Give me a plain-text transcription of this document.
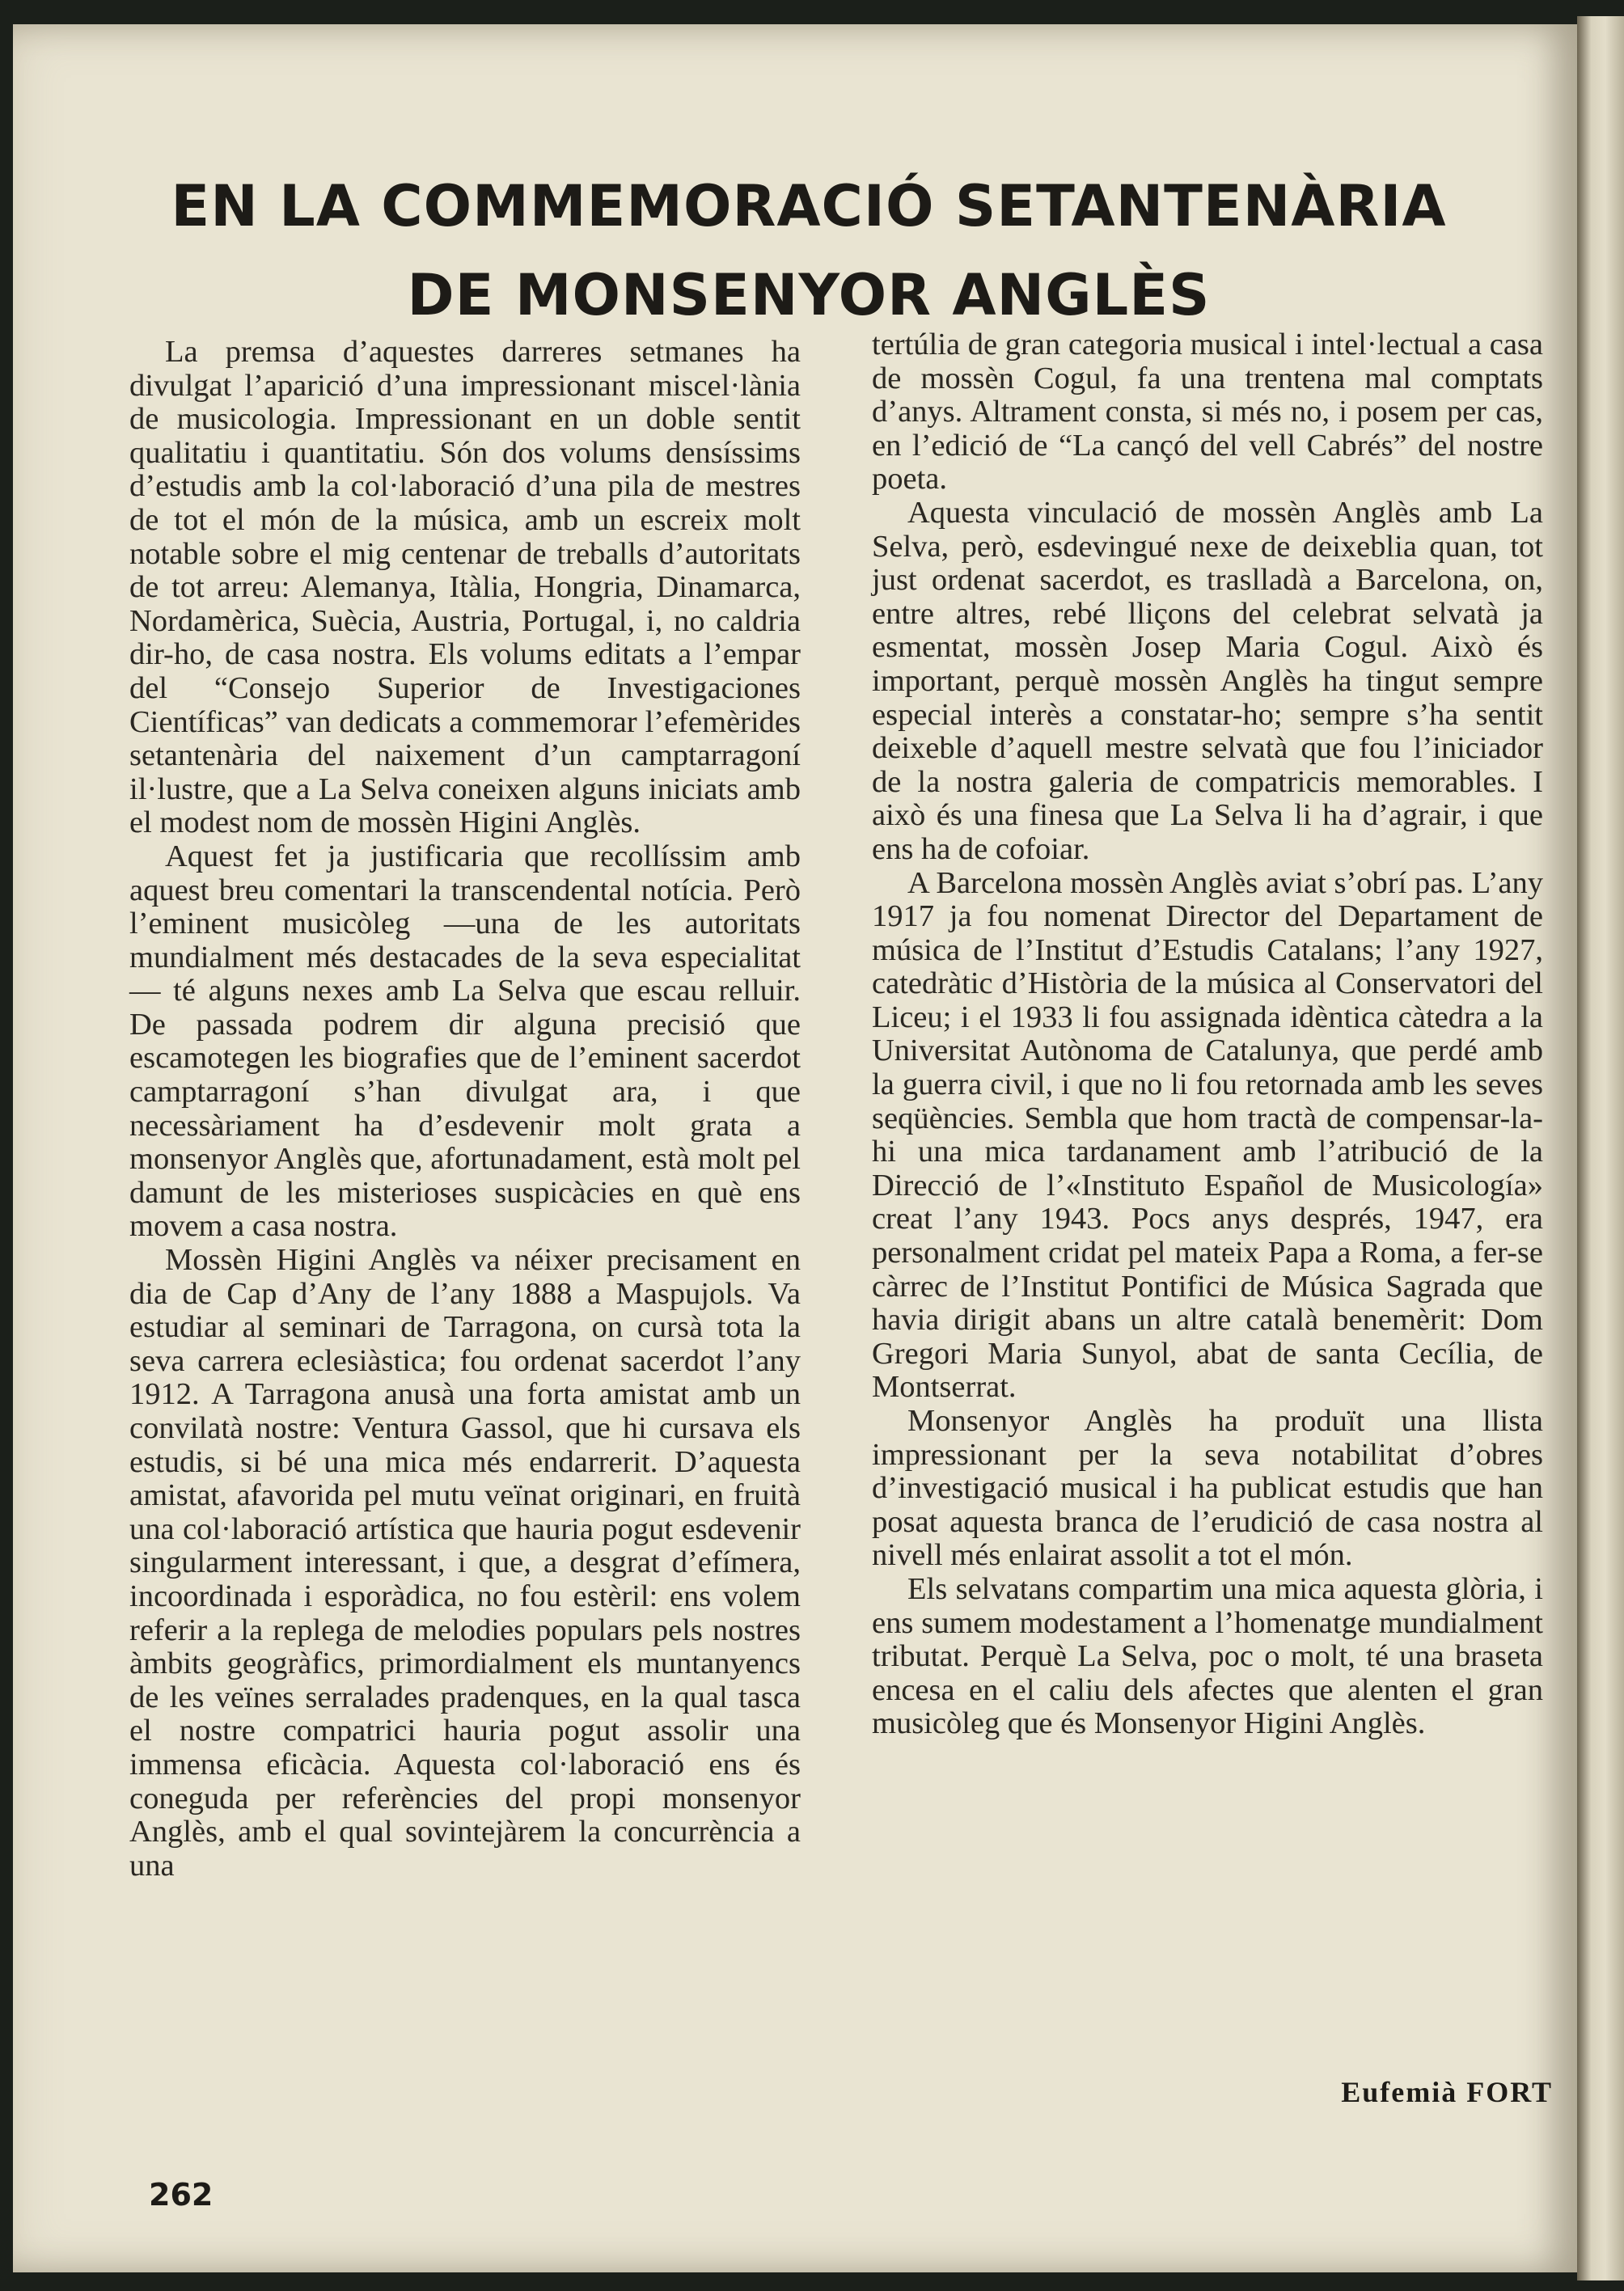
EN LA COMMEMORACIÓ SETANTENÀRIA
DE MONSENYOR ANGLÈS

La premsa d’aquestes darreres setmanes ha divulgat l’aparició d’una impressionant miscel·lània de musicologia. Impressionant en un doble sentit qualitatiu i quantitatiu. Són dos volums densíssims d’estudis amb la col·laboració d’una pila de mestres de tot el món de la música, amb un escreix molt notable sobre el mig centenar de treballs d’autoritats de tot arreu: Alemanya, Itàlia, Hongria, Dinamarca, Nordamèrica, Suècia, Austria, Portugal, i, no caldria dir-ho, de casa nostra. Els volums editats a l’empar del “Consejo Superior de Investigaciones Científicas” van dedicats a commemorar l’efemèrides setantenària del naixement d’un camptarragoní il·lustre, que a La Selva coneixen alguns iniciats amb el modest nom de mossèn Higini Anglès.

Aquest fet ja justificaria que recollíssim amb aquest breu comentari la transcendental notícia. Però l’eminent musicòleg —una de les autoritats mundialment més destacades de la seva especialitat— té alguns nexes amb La Selva que escau relluir. De passada podrem dir alguna precisió que escamotegen les biografies que de l’eminent sacerdot camptarragoní s’han divulgat ara, i que necessàriament ha d’esdevenir molt grata a monsenyor Anglès que, afortunadament, està molt pel damunt de les misterioses suspicàcies en què ens movem a casa nostra.

Mossèn Higini Anglès va néixer precisament en dia de Cap d’Any de l’any 1888 a Maspujols. Va estudiar al seminari de Tarragona, on cursà tota la seva carrera eclesiàstica; fou ordenat sacerdot l’any 1912. A Tarragona anusà una forta amistat amb un convilatà nostre: Ventura Gassol, que hi cursava els estudis, si bé una mica més endarrerit. D’aquesta amistat, afavorida pel mutu veïnat originari, en fruità una col·laboració artística que hauria pogut esdevenir singularment interessant, i que, a desgrat d’efímera, incoordinada i esporàdica, no fou estèril: ens volem referir a la replega de melodies populars pels nostres àmbits geogràfics, primordialment els muntanyencs de les veïnes serralades pradenques, en la qual tasca el nostre compatrici hauria pogut assolir una immensa eficàcia. Aquesta col·laboració ens és coneguda per referències del propi monsenyor Anglès, amb el qual sovintejàrem la concurrència a una

tertúlia de gran categoria musical i intel·lectual a casa de mossèn Cogul, fa una trentena mal comptats d’anys. Altrament consta, si més no, i posem per cas, en l’edició de “La cançó del vell Cabrés” del nostre poeta.

Aquesta vinculació de mossèn Anglès amb La Selva, però, esdevingué nexe de deixeblia quan, tot just ordenat sacerdot, es traslladà a Barcelona, on, entre altres, rebé lliçons del celebrat selvatà ja esmentat, mossèn Josep Maria Cogul. Això és important, perquè mossèn Anglès ha tingut sempre especial interès a constatar-ho; sempre s’ha sentit deixeble d’aquell mestre selvatà que fou l’iniciador de la nostra galeria de compatricis memorables. I això és una finesa que La Selva li ha d’agrair, i que ens ha de cofoiar.

A Barcelona mossèn Anglès aviat s’obrí pas. L’any 1917 ja fou nomenat Director del Departament de música de l’Institut d’Estudis Catalans; l’any 1927, catedràtic d’Història de la música al Conservatori del Liceu; i el 1933 li fou assignada idèntica càtedra a la Universitat Autònoma de Catalunya, que perdé amb la guerra civil, i que no li fou retornada amb les seves seqüències. Sembla que hom tractà de compensar-la-hi una mica tardanament amb l’atribució de la Direcció de l’«Instituto Español de Musicología» creat l’any 1943. Pocs anys després, 1947, era personalment cridat pel mateix Papa a Roma, a fer-se càrrec de l’Institut Pontifici de Música Sagrada que havia dirigit abans un altre català benemèrit: Dom Gregori Maria Sunyol, abat de santa Cecília, de Montserrat.

Monsenyor Anglès ha produït una llista impressionant per la seva notabilitat d’obres d’investigació musical i ha publicat estudis que han posat aquesta branca de l’erudició de casa nostra al nivell més enlairat assolit a tot el món.

Els selvatans compartim una mica aquesta glòria, i ens sumem modestament a l’homenatge mundialment tributat. Perquè La Selva, poc o molt, té una braseta encesa en el caliu dels afectes que alenten el gran musicòleg que és Monsenyor Higini Anglès.

Eufemià FORT
262
